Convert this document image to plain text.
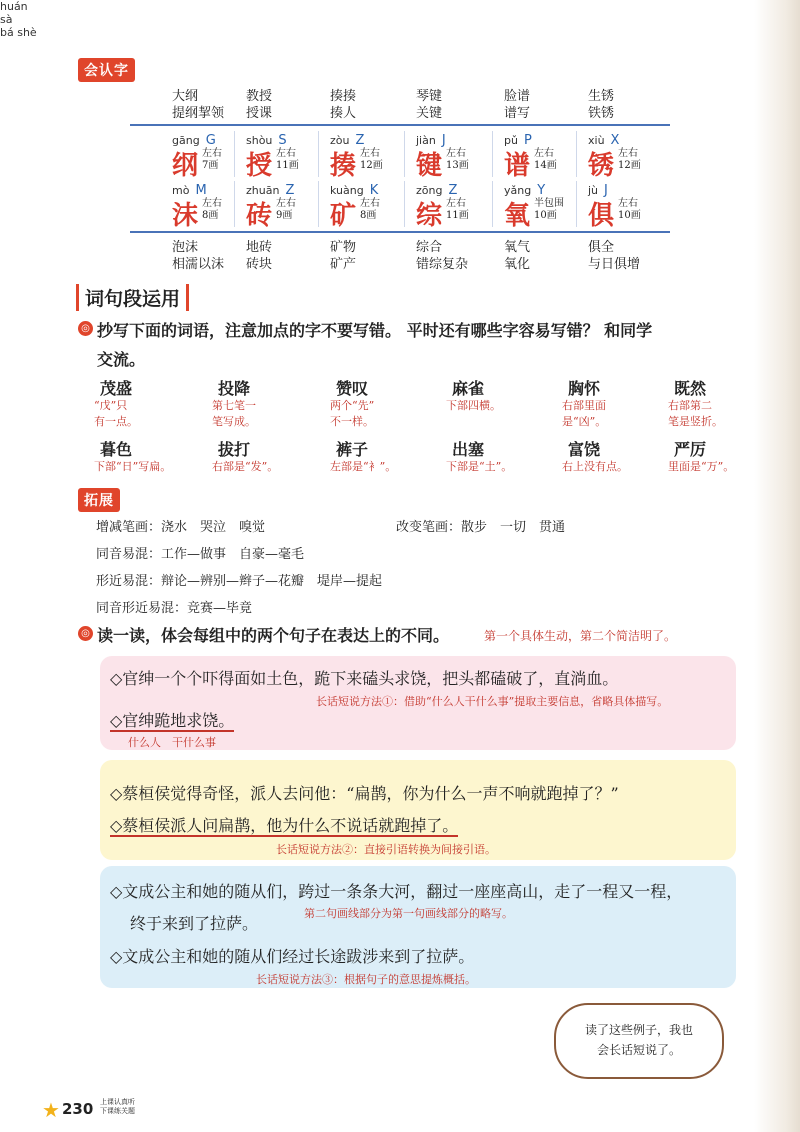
会认字
大纲
提纲挈领
教授
授课
揍揍
揍人
琴键
关键
脸谱
谱写
生锈
铁锈
gāng G
纲 左右
7画
shòu S
授 左右
11画
zòu Z
揍 左右
12画
jiàn J
键 左右
13画
pǔ P
谱 左右
14画
xiù X
锈 左右
12画
mò M
沫 左右
8画
zhuān Z
砖 左右
9画
kuàng K
矿 左右
8画
zōng Z
综 左右
11画
yǎng Y
氧 半包围
10画
jù J
俱 左右
10画
泡沫
相濡以沫
地砖
砖块
矿物
矿产
综合
错综复杂
氧气
氧化
俱全
与日俱增
词句段运用
◎ 抄写下面的词语，注意加点的字不要写错。 平时还有哪些字容易写错？ 和同学
交流。
茂盛
“戊”只
有一点。
投降
第七笔一
笔写成。
赞叹
两个“先”
不一样。
麻雀
下部四横。
胸怀
右部里面
是“凶”。
既然
右部第二
笔是竖折。
暮色
下部“日”写扁。
拔打
右部是“发”。
裤子
左部是“衤”。
出塞
下部是“土”。
富饶
右上没有点。
严厉
里面是“万”。
拓展
增减笔画：浇水　哭泣　嗅觉	改变笔画：散步　一切　贯通
同音易混：工作—做事　自豪—毫毛
形近易混：辩论—辨别—辫子—花瓣　堤岸—提起
同音形近易混：竞赛—毕竟
◎ 读一读，体会每组中的两个句子在表达上的不同。	第一个具体生动，第二个简洁明了。
◇官绅一个个吓得面如土色，跪下来磕头求饶，把头都磕破了，直淌血。
长话短说方法①：借助“什么人干什么事”提取主要信息，省略具体描写。
◇官绅跪地求饶。
什么人　干什么事
huán
◇蔡桓侯觉得奇怪，派人去问他：“扁鹊，你为什么一声不响就跑掉了？”
◇蔡桓侯派人问扁鹊，他为什么不说话就跑掉了。
长话短说方法②：直接引语转换为间接引语。
◇文成公主和她的随从们，跨过一条条大河，翻过一座座高山，走了一程又一程，
sà
终于来到了拉萨。
第二句画线部分为第一句画线部分的略写。
bá shè
◇文成公主和她的随从们经过长途跋涉来到了拉萨。
长话短说方法③：根据句子的意思提炼概括。
读了这些例子，我也
会长话短说了。
★ 230 上课认真听
下课练关题
